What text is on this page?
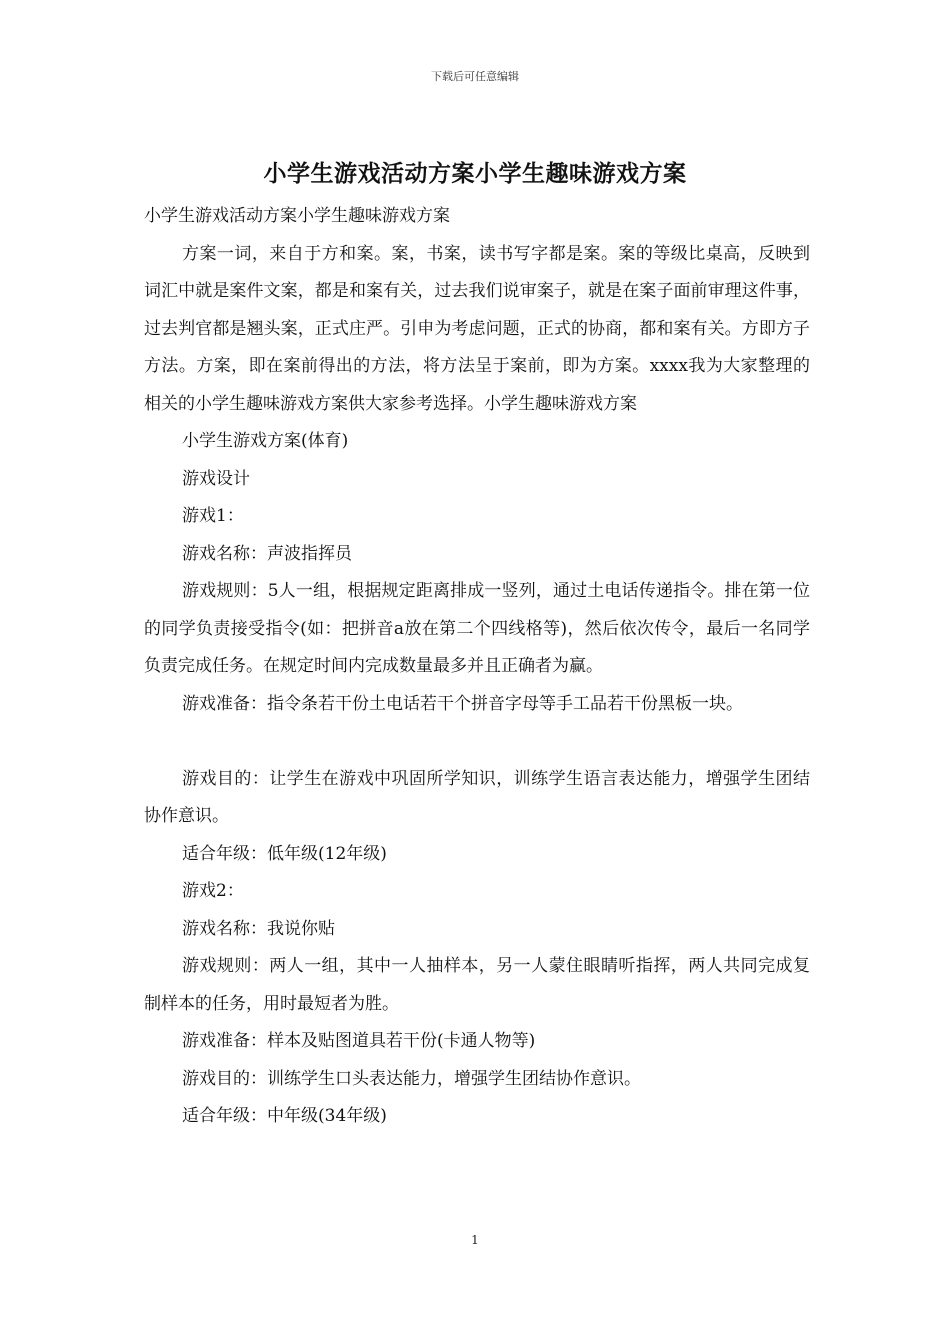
下载后可任意编辑
小学生游戏活动方案小学生趣味游戏方案

小学生游戏活动方案小学生趣味游戏方案

方案一词，来自于方和案。案，书案，读书写字都是案。案的等级比桌高，反映到词汇中就是案件文案，都是和案有关，过去我们说审案子，就是在案子面前审理这件事，过去判官都是翘头案，正式庄严。引申为考虑问题，正式的协商，都和案有关。方即方子方法。方案，即在案前得出的方法，将方法呈于案前，即为方案。xxxx我为大家整理的相关的小学生趣味游戏方案供大家参考选择。小学生趣味游戏方案

小学生游戏方案(体育)

游戏设计

游戏1：

游戏名称：声波指挥员

游戏规则：5人一组，根据规定距离排成一竖列，通过土电话传递指令。排在第一位的同学负责接受指令(如：把拼音a放在第二个四线格等)，然后依次传令，最后一名同学负责完成任务。在规定时间内完成数量最多并且正确者为赢。

游戏准备：指令条若干份土电话若干个拼音字母等手工品若干份黑板一块。

游戏目的：让学生在游戏中巩固所学知识，训练学生语言表达能力，增强学生团结协作意识。

适合年级：低年级(12年级)

游戏2：

游戏名称：我说你贴

游戏规则：两人一组，其中一人抽样本，另一人蒙住眼睛听指挥，两人共同完成复制样本的任务，用时最短者为胜。

游戏准备：样本及贴图道具若干份(卡通人物等)

游戏目的：训练学生口头表达能力，增强学生团结协作意识。

适合年级：中年级(34年级)

1
